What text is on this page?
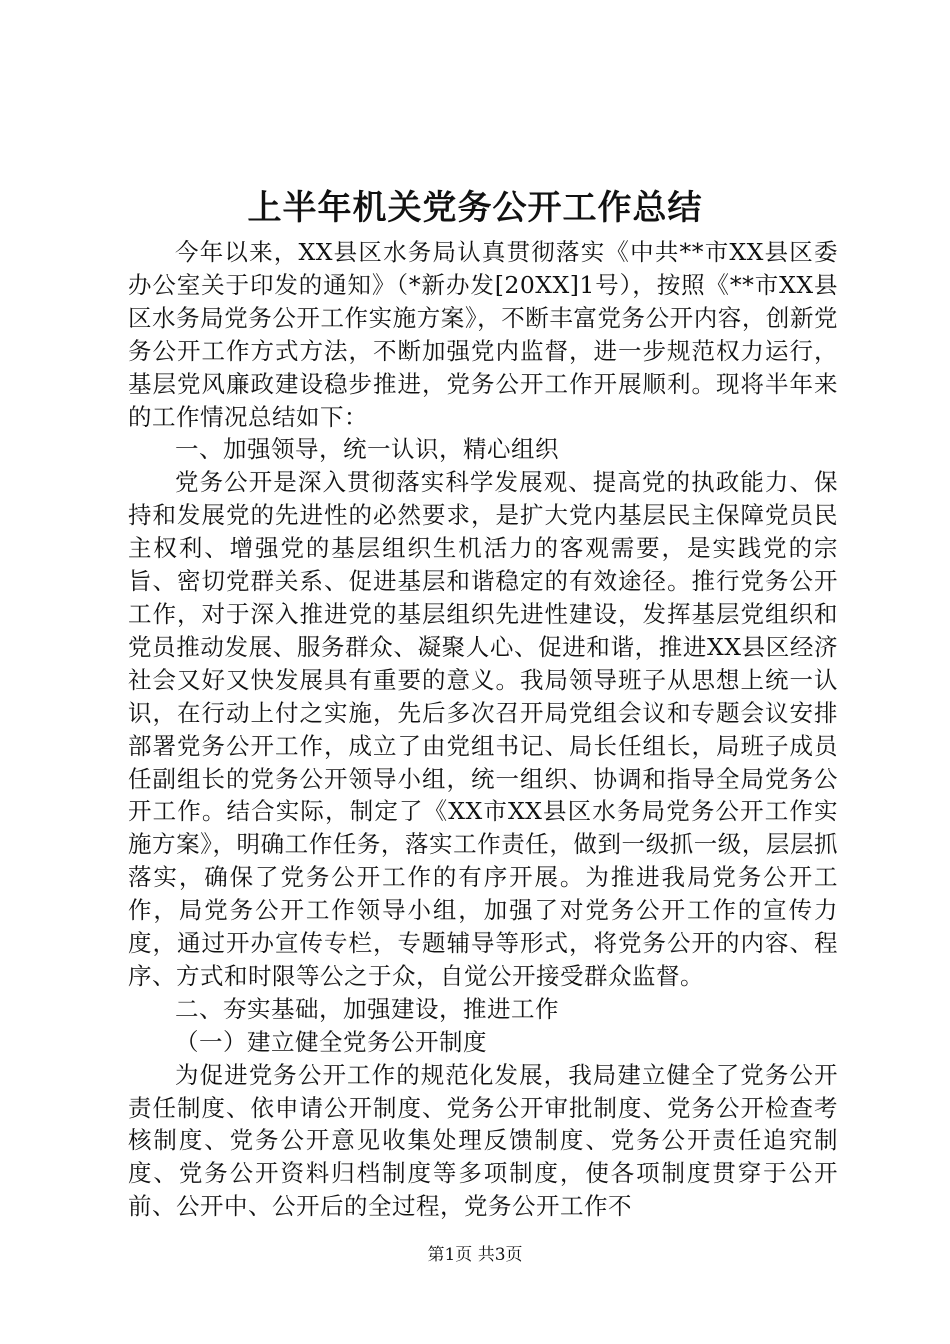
上半年机关党务公开工作总结

今年以来，XX县区水务局认真贯彻落实《中共**市XX县区委办公室关于印发的通知》（*新办发[20XX]1号），按照《**市XX县区水务局党务公开工作实施方案》，不断丰富党务公开内容，创新党务公开工作方式方法，不断加强党内监督，进一步规范权力运行，基层党风廉政建设稳步推进，党务公开工作开展顺利。现将半年来的工作情况总结如下：

一、加强领导，统一认识，精心组织

党务公开是深入贯彻落实科学发展观、提高党的执政能力、保持和发展党的先进性的必然要求，是扩大党内基层民主保障党员民主权利、增强党的基层组织生机活力的客观需要，是实践党的宗旨、密切党群关系、促进基层和谐稳定的有效途径。推行党务公开工作，对于深入推进党的基层组织先进性建设，发挥基层党组织和党员推动发展、服务群众、凝聚人心、促进和谐，推进XX县区经济社会又好又快发展具有重要的意义。我局领导班子从思想上统一认识，在行动上付之实施，先后多次召开局党组会议和专题会议安排部署党务公开工作，成立了由党组书记、局长任组长，局班子成员任副组长的党务公开领导小组，统一组织、协调和指导全局党务公开工作。结合实际，制定了《XX市XX县区水务局党务公开工作实施方案》，明确工作任务，落实工作责任，做到一级抓一级，层层抓落实，确保了党务公开工作的有序开展。为推进我局党务公开工作，局党务公开工作领导小组，加强了对党务公开工作的宣传力度，通过开办宣传专栏，专题辅导等形式，将党务公开的内容、程序、方式和时限等公之于众，自觉公开接受群众监督。

二、夯实基础，加强建设，推进工作

（一）建立健全党务公开制度

为促进党务公开工作的规范化发展，我局建立健全了党务公开责任制度、依申请公开制度、党务公开审批制度、党务公开检查考核制度、党务公开意见收集处理反馈制度、党务公开责任追究制度、党务公开资料归档制度等多项制度，使各项制度贯穿于公开前、公开中、公开后的全过程，党务公开工作不

第1页 共3页
